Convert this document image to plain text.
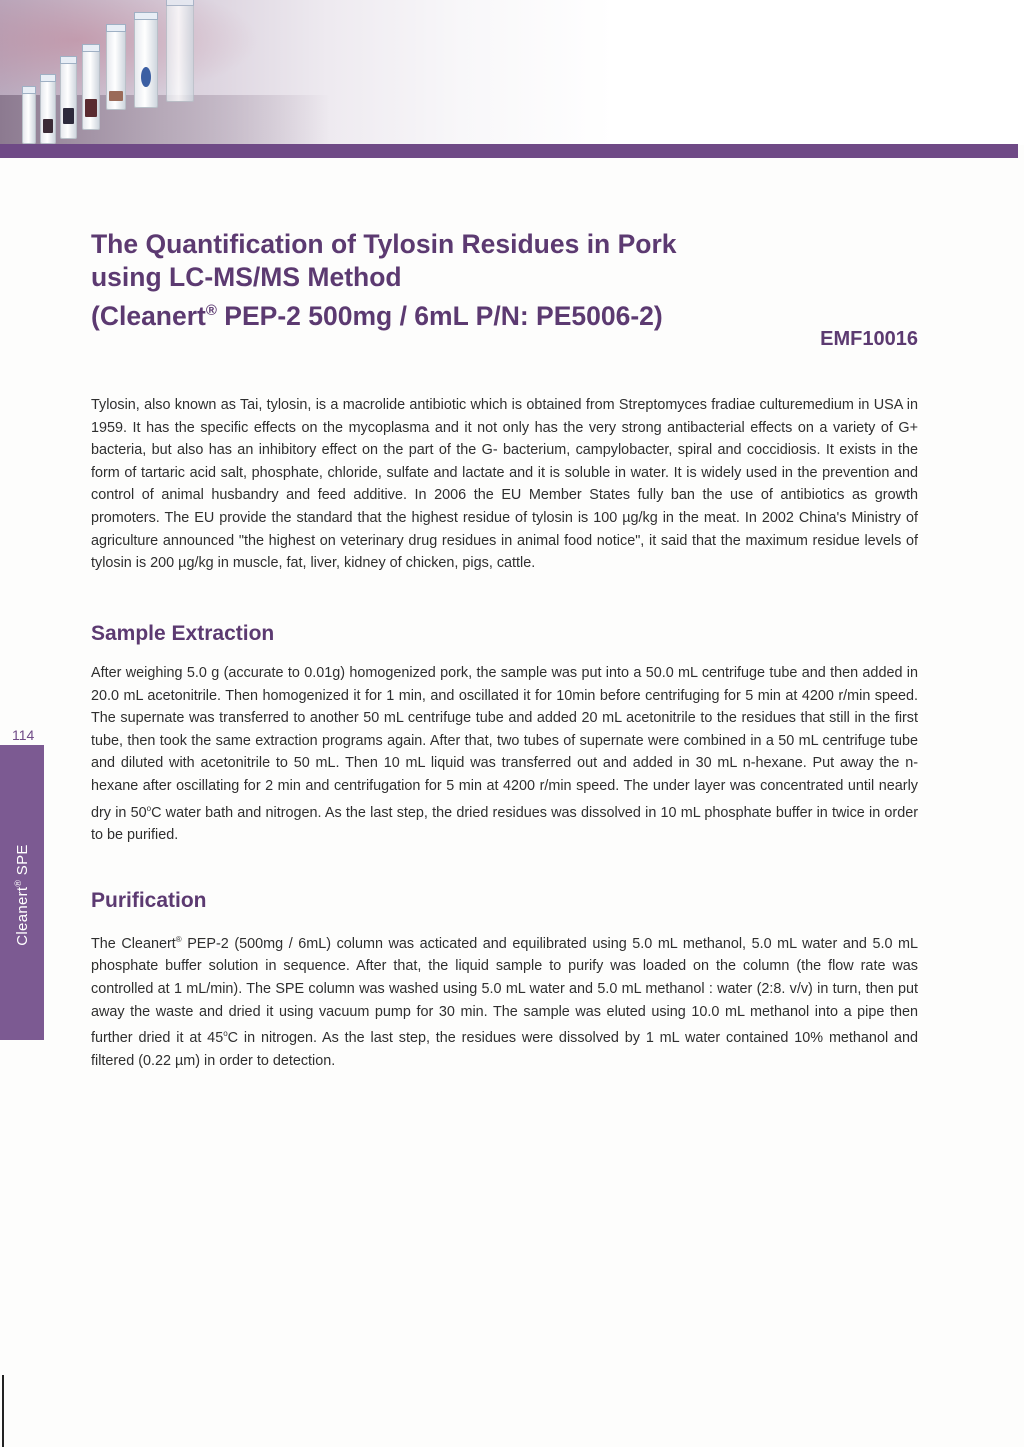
114
Cleanert® SPE
The Quantification of Tylosin Residues in Pork
using LC-MS/MS Method
(Cleanert® PEP-2 500mg / 6mL P/N: PE5006-2)
EMF10016

Tylosin, also known as Tai, tylosin, is a macrolide antibiotic which is obtained from Streptomyces fradiae culturemedium in USA in 1959. It has the specific effects on the mycoplasma and it not only has the very strong antibacterial effects on a variety of G+ bacteria, but also has an inhibitory effect on the part of the G- bacterium, campylobacter, spiral and coccidiosis. It exists in the form of tartaric acid salt, phosphate, chloride, sulfate and lactate and it is soluble in water. It is widely used in the prevention and control of animal husbandry and feed additive. In 2006 the EU Member States fully ban the use of antibiotics as growth promoters. The EU provide the standard that the highest residue of tylosin is 100 µg/kg in the meat. In 2002 China's Ministry of agriculture announced "the highest on veterinary drug residues in animal food notice", it said that the maximum residue levels of tylosin is 200 µg/kg in muscle, fat, liver, kidney of chicken, pigs, cattle.

Sample Extraction

After weighing 5.0 g (accurate to 0.01g) homogenized pork, the sample was put into a 50.0 mL centrifuge tube and then added in 20.0 mL acetonitrile. Then homogenized it for 1 min, and oscillated it for 10min before centrifuging for 5 min at 4200 r/min speed. The supernate was transferred to another 50 mL centrifuge tube and added 20 mL acetonitrile to the residues that still in the first tube, then took the same extraction programs again. After that, two tubes of supernate were combined in a 50 mL centrifuge tube and diluted with acetonitrile to 50 mL. Then 10 mL liquid was transferred out and added in 30 mL n-hexane. Put away the n-hexane after oscillating for 2 min and centrifugation for 5 min at 4200 r/min speed. The under layer was concentrated until nearly dry in 50$^o$C water bath and nitrogen. As the last step, the dried residues was dissolved in 10 mL phosphate buffer in twice in order to be purified.

Purification

The Cleanert® PEP-2 (500mg / 6mL) column was acticated and equilibrated using 5.0 mL methanol, 5.0 mL water and 5.0 mL phosphate buffer solution in sequence. After that, the liquid sample to purify was loaded on the column (the flow rate was controlled at 1 mL/min). The SPE column was washed using 5.0 mL water and 5.0 mL methanol : water (2:8. v/v) in turn, then put away the waste and dried it using vacuum pump for 30 min. The sample was eluted using 10.0 mL methanol into a pipe then further dried it at 45$^o$C in nitrogen. As the last step, the residues were dissolved by 1 mL water contained 10% methanol and filtered (0.22 µm) in order to detection.
